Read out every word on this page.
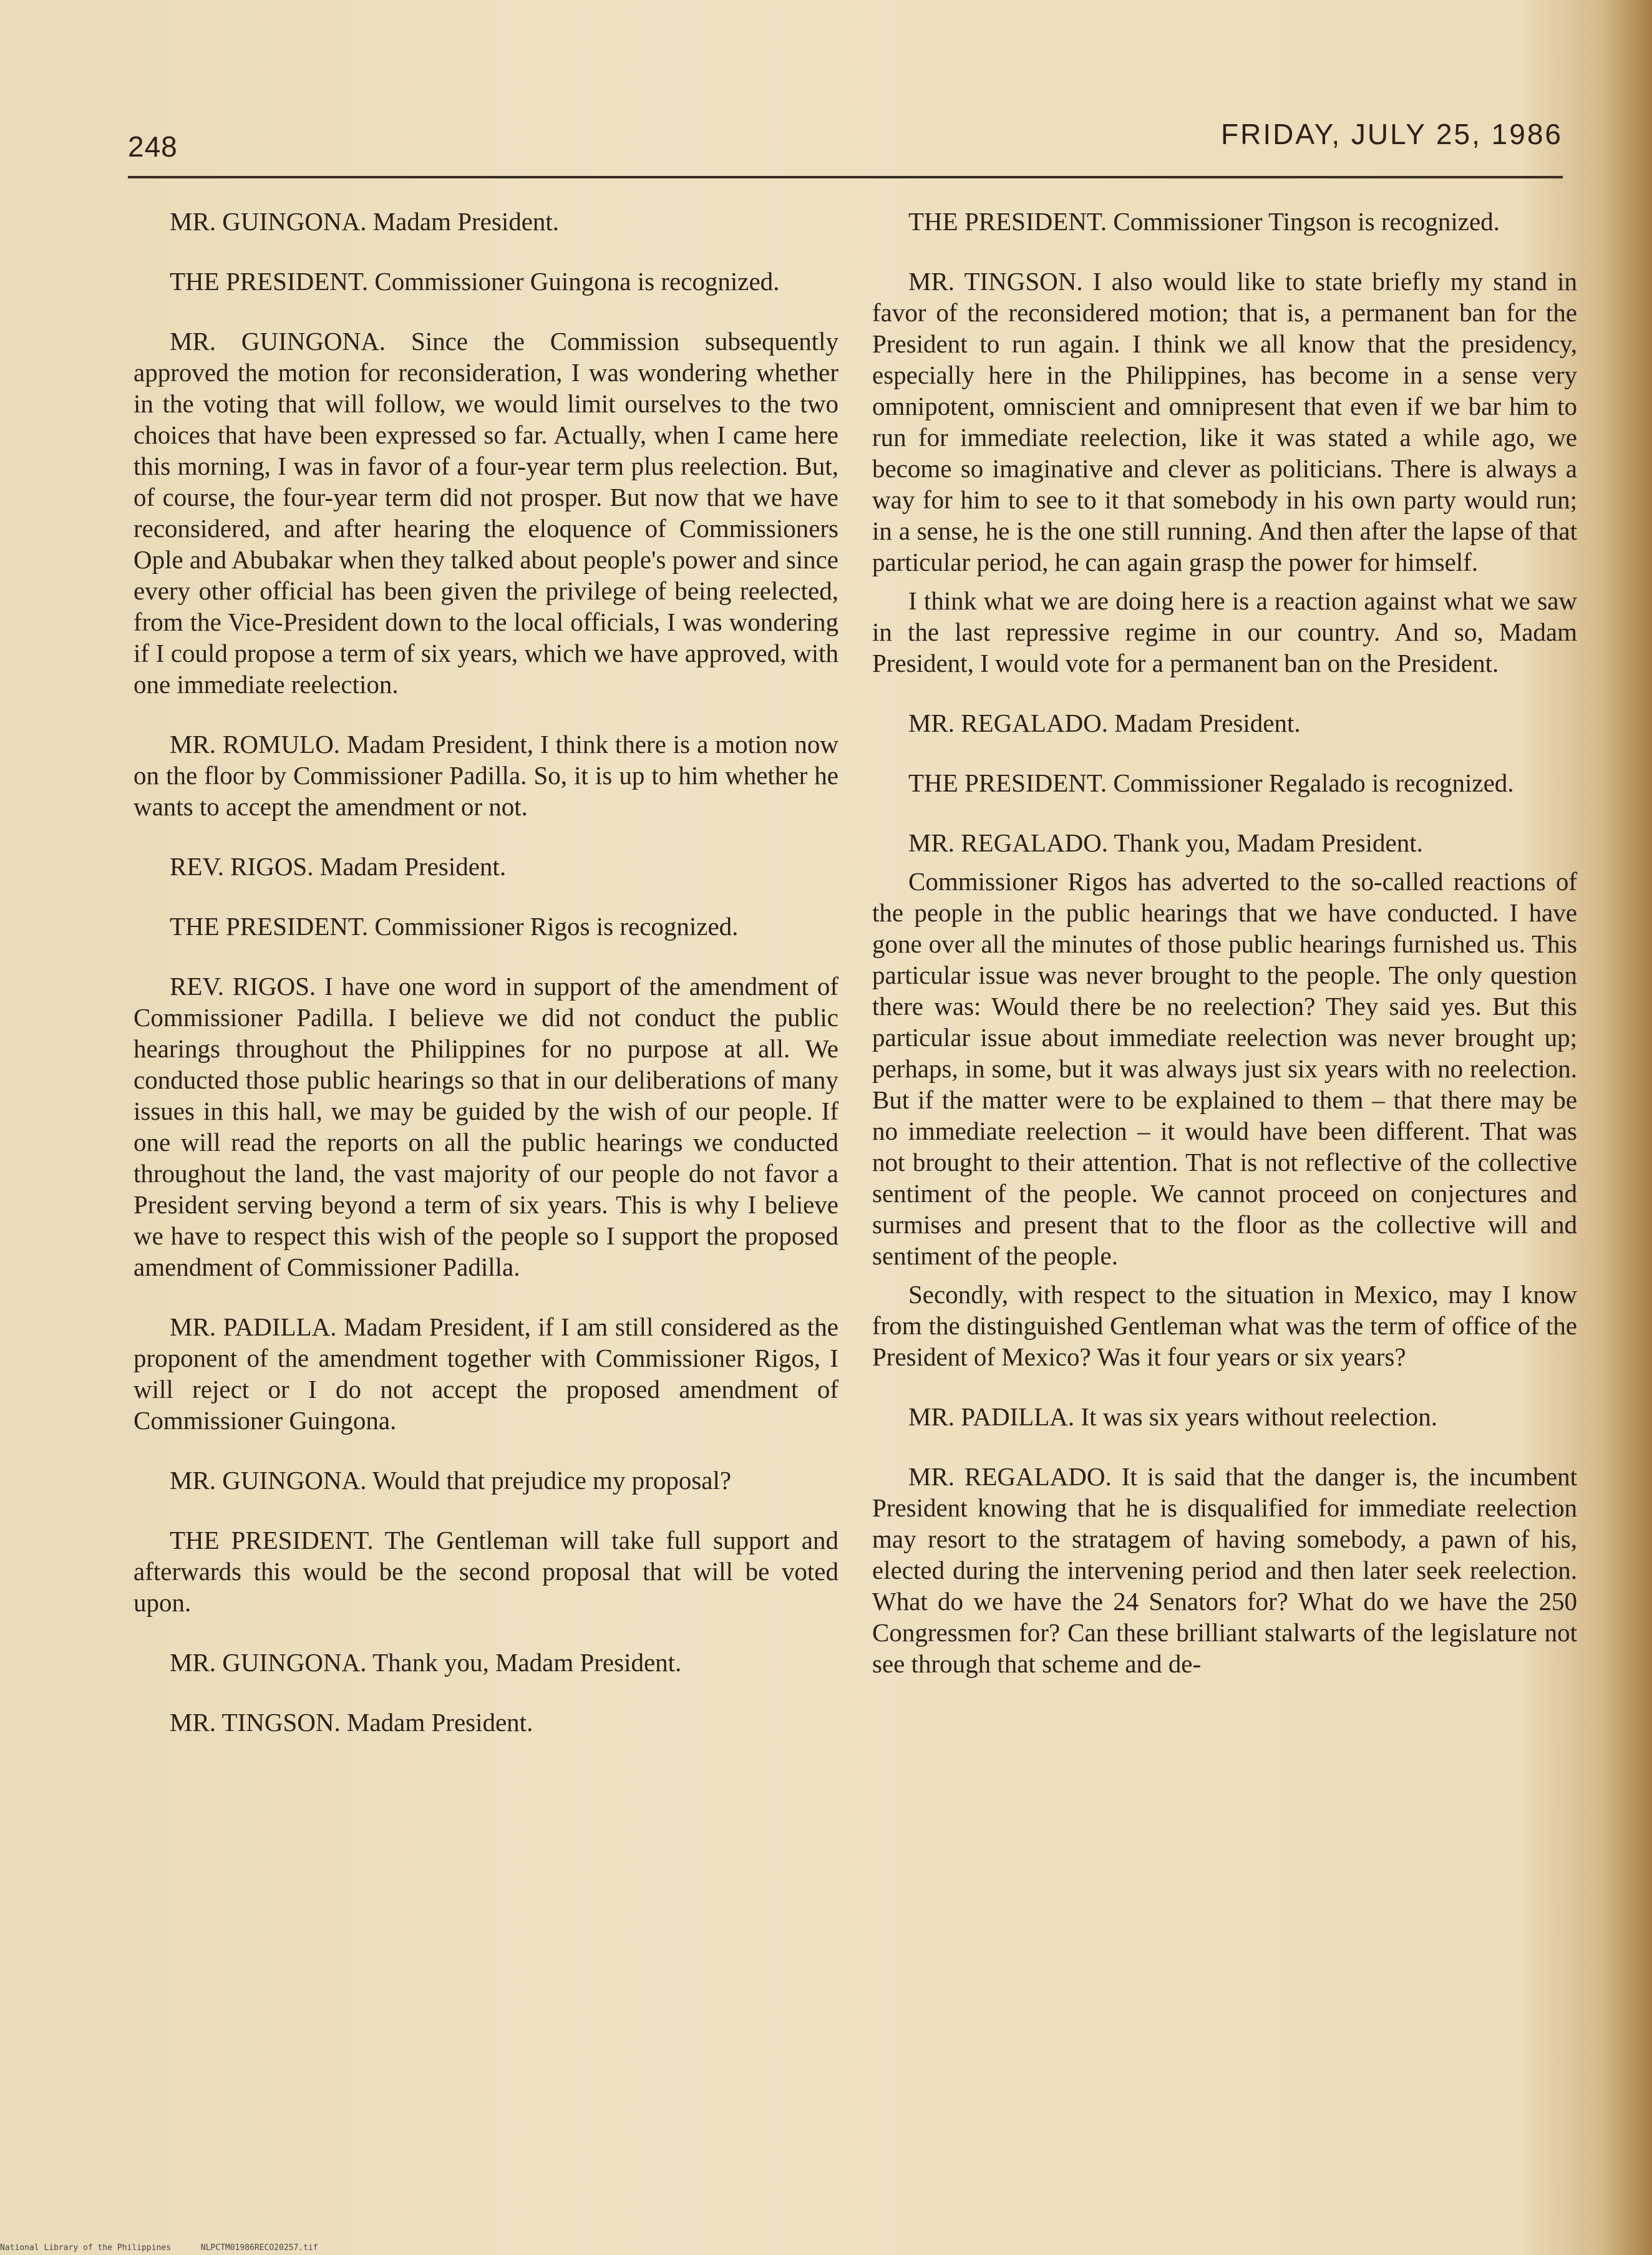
248	FRIDAY, JULY 25, 1986

MR. GUINGONA. Madam President.

THE PRESIDENT. Commissioner Guingona is recognized.

MR. GUINGONA. Since the Commission subsequently approved the motion for reconsideration, I was wondering whether in the voting that will follow, we would limit ourselves to the two choices that have been expressed so far. Actually, when I came here this morning, I was in favor of a four-year term plus reelection. But, of course, the four-year term did not prosper. But now that we have reconsidered, and after hearing the eloquence of Commissioners Ople and Abubakar when they talked about people's power and since every other official has been given the privilege of being reelected, from the Vice-President down to the local officials, I was wondering if I could propose a term of six years, which we have approved, with one immediate reelection.

MR. ROMULO. Madam President, I think there is a motion now on the floor by Commissioner Padilla. So, it is up to him whether he wants to accept the amendment or not.

REV. RIGOS. Madam President.

THE PRESIDENT. Commissioner Rigos is recognized.

REV. RIGOS. I have one word in support of the amendment of Commissioner Padilla. I believe we did not conduct the public hearings throughout the Philippines for no purpose at all. We conducted those public hearings so that in our deliberations of many issues in this hall, we may be guided by the wish of our people. If one will read the reports on all the public hearings we conducted throughout the land, the vast majority of our people do not favor a President serving beyond a term of six years. This is why I believe we have to respect this wish of the people so I support the proposed amendment of Commissioner Padilla.

MR. PADILLA. Madam President, if I am still considered as the proponent of the amendment together with Commissioner Rigos, I will reject or I do not accept the proposed amendment of Commissioner Guingona.

MR. GUINGONA. Would that prejudice my proposal?

THE PRESIDENT. The Gentleman will take full support and afterwards this would be the second proposal that will be voted upon.

MR. GUINGONA. Thank you, Madam President.

MR. TINGSON. Madam President.

THE PRESIDENT. Commissioner Tingson is recognized.

MR. TINGSON. I also would like to state briefly my stand in favor of the reconsidered motion; that is, a permanent ban for the President to run again. I think we all know that the presidency, especially here in the Philippines, has become in a sense very omnipotent, omniscient and omnipresent that even if we bar him to run for immediate reelection, like it was stated a while ago, we become so imaginative and clever as politicians. There is always a way for him to see to it that somebody in his own party would run; in a sense, he is the one still running. And then after the lapse of that particular period, he can again grasp the power for himself.

I think what we are doing here is a reaction against what we saw in the last repressive regime in our country. And so, Madam President, I would vote for a permanent ban on the President.

MR. REGALADO. Madam President.

THE PRESIDENT. Commissioner Regalado is recognized.

MR. REGALADO. Thank you, Madam President.

Commissioner Rigos has adverted to the so-called reactions of the people in the public hearings that we have conducted. I have gone over all the minutes of those public hearings furnished us. This particular issue was never brought to the people. The only question there was: Would there be no reelection? They said yes. But this particular issue about immediate reelection was never brought up; perhaps, in some, but it was always just six years with no reelection. But if the matter were to be explained to them – that there may be no immediate reelection – it would have been different. That was not brought to their attention. That is not reflective of the collective sentiment of the people. We cannot proceed on conjectures and surmises and present that to the floor as the collective will and sentiment of the people.

Secondly, with respect to the situation in Mexico, may I know from the distinguished Gentleman what was the term of office of the President of Mexico? Was it four years or six years?

MR. PADILLA. It was six years without reelection.

MR. REGALADO. It is said that the danger is, the incumbent President knowing that he is disqualified for immediate reelection may resort to the stratagem of having somebody, a pawn of his, elected during the intervening period and then later seek reelection. What do we have the 24 Senators for? What do we have the 250 Congressmen for? Can these brilliant stalwarts of the legislature not see through that scheme and de-

National Library of the Philippines	NLPCTM01986RECO20257.tif
